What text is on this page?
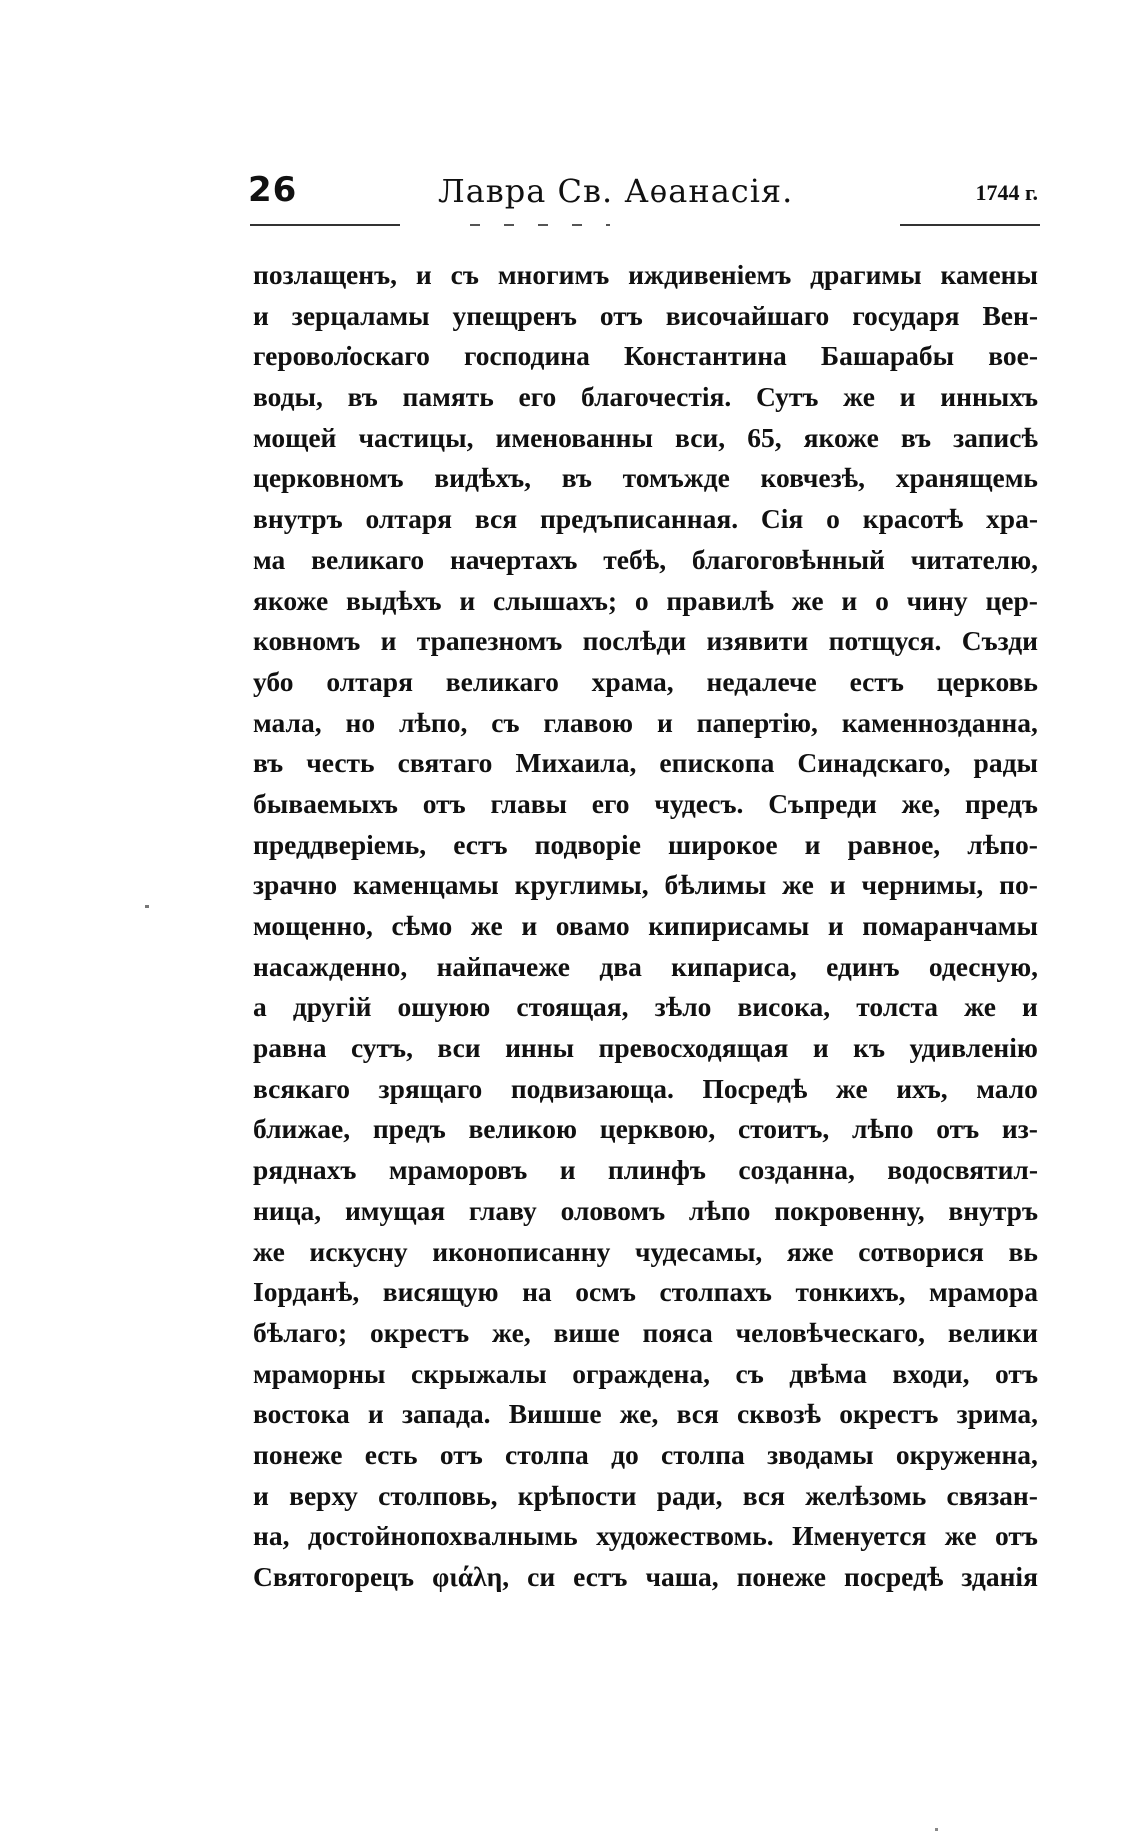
26	Лавра Св. Аѳанасія.	1744 г.
позлащенъ, и съ многимъ иждивеніемъ драгимы камены
и зерцаламы упещренъ отъ височайшаго государя Вен-
геровол̇оскаго господина Константина Башарабы вое-
воды, въ память его благочестія. Сутъ же и инныхъ
мощей частицы, именованны вси, 65, якоже въ записѣ
церковномъ видѣхъ, въ томъждe ковчезѣ, хранящемь
внутръ олтаря вся предъписанная. Сія о красотѣ хра-
ма великаго начертахъ тебѣ, благоговѣнный читателю,
якоже выдѣхъ и слышахъ; о правилѣ же и о чину цер-
ковномъ и трапезномъ послѣди изявити потщуся. Създи
убо олтаря великаго храма, недалече естъ церковь
мала, но лѣпо, съ главою и папертію, каменнозданна,
въ честь святаго Михаила, епископа Синадскаго, рады
бываемыхъ отъ главы его чудесъ. Съпреди же, предъ
преддверіемь, естъ подворіе широкое и равное, лѣпо-
зрачно каменцамы круглимы, бѣлимы же и чернимы, по-
мощенно, сѣмо же и овамо кипирисамы и помаранчамы
насажденно, найпачеже два кипариса, единъ одесную,
а другій ошуюю стоящая, зѣло висока, толста же и
равна сутъ, вси инны превосходящая и къ удивленію
всякаго зрящаго подвизающа. Посредѣ же ихъ, мало
ближае, предъ великою церквою, стоитъ, лѣпо отъ из-
ряднаxъ мраморовъ и плинфъ созданна, водосвятил-
ница, имущая главу оловомъ лѣпо покровенну, внутръ
же искусну иконописанну чудесамы, яже сотворися вь
Іорданѣ, висящую на осмъ столпахъ тонкихъ, мрамора
бѣлаго; окрестъ же, више пояса человѣческаго, велики
мраморны скрыжалы ограждена, съ двѣма входи, отъ
востока и запада. Вишше же, вся сквозѣ окрестъ зрима,
понеже есть отъ столпа до столпа зводамы окруженна,
и верху столповь, крѣпости ради, вся желѣзомь связан-
на, достойнопохвалнымь художествомь. Именуется же отъ
Святогорецъ φιάλη, си естъ чаша, понеже посредѣ зданія
